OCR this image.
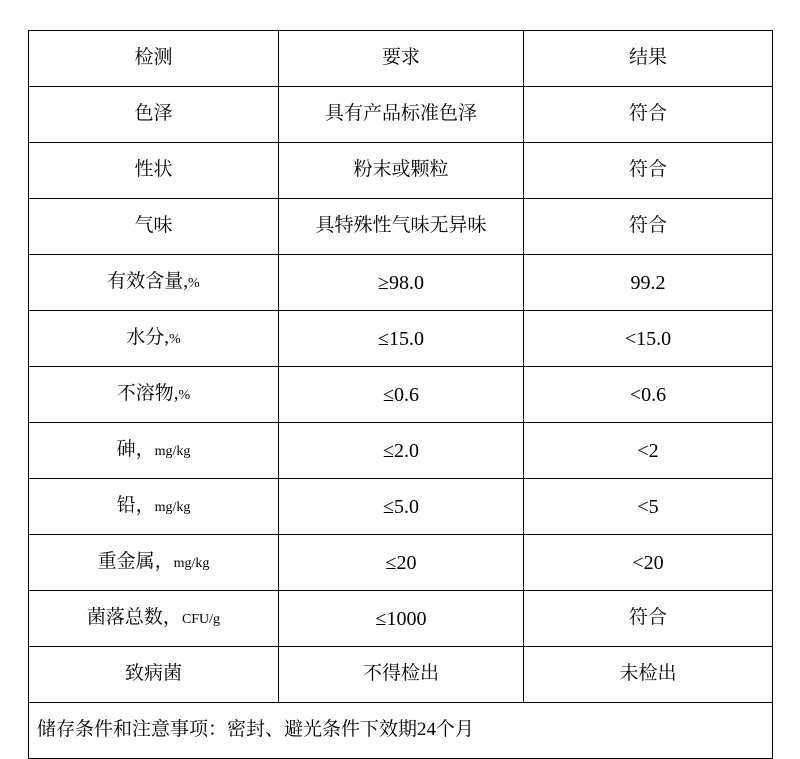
检测	要求	结果

色泽	具有产品标准色泽	符合

性状	粉末或颗粒	符合

气味	具特殊性气味无异味	符合

有效含量,%	≥98.0	99.2

水分,%	≤15.0	<15.0

不溶物,%	≤0.6	<0.6

砷，mg/kg	≤2.0	<2

铅，mg/kg	≤5.0	<5

重金属，mg/kg	≤20	<20

菌落总数，CFU/g	≤1000	符合

致病菌	不得检出	未检出

储存条件和注意事项：密封、避光条件下效期24个月		
